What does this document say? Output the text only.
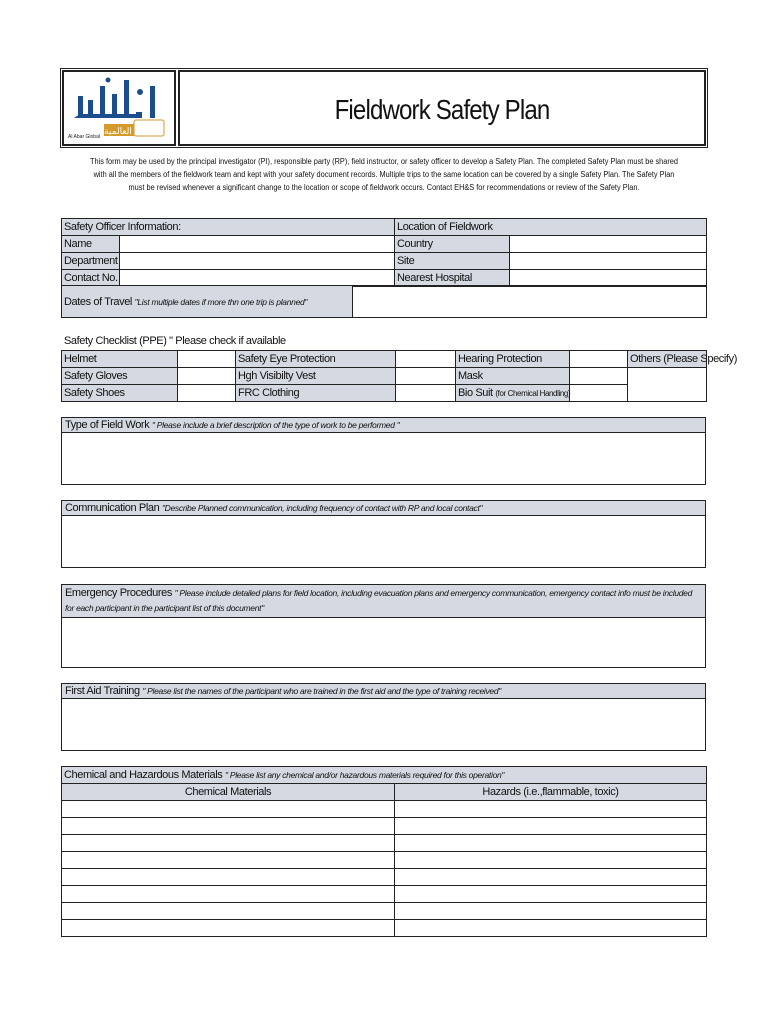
العالمية
Al Abar Global
Fieldwork Safety Plan
This form may be used by the principal investigator (PI), responsible party (RP), field instructor, or safety officer to develop a Safety Plan. The completed Safety Plan must be shared with all the members of the fieldwork team and kept with your safety document records. Multiple trips to the same location can be covered by a single Safety Plan. The Safety Plan must be revised whenever a significant change to the location or scope of fieldwork occurs. Contact EH&S for recommendations or review of the Safety Plan.
Safety Officer Information:		Location of Fieldwork	
Name		Country	
Department		Site	
Contact No.		Nearest Hospital	
Dates of Travel "List multiple dates if more thn one trip is planned"	
Safety Checklist (PPE) " Please check if available
Helmet		Safety Eye Protection		Hearing Protection		Others (Please Specify)
Safety Gloves		Hgh Visibilty Vest		Mask		
Safety Shoes		FRC Clothing		Bio Suit (for Chemical Handling)		
Type of Field Work " Please include a brief description of the type of work to be performed "
Communication Plan "Describe Planned communication, including frequency of contact with RP and local contact"
Emergency Procedures " Please include detailed plans for field location, including evacuation plans and emergency communication, emergency contact info must be included for each participant in the participant list of this document"
First Aid Training " Please list the names of the participant who are trained in the first aid and the type of training received"
Chemical and Hazardous Materials " Please list any chemical and/or hazardous materials required for this operation"	
Chemical Materials	Hazards (i.e.,flammable, toxic)
